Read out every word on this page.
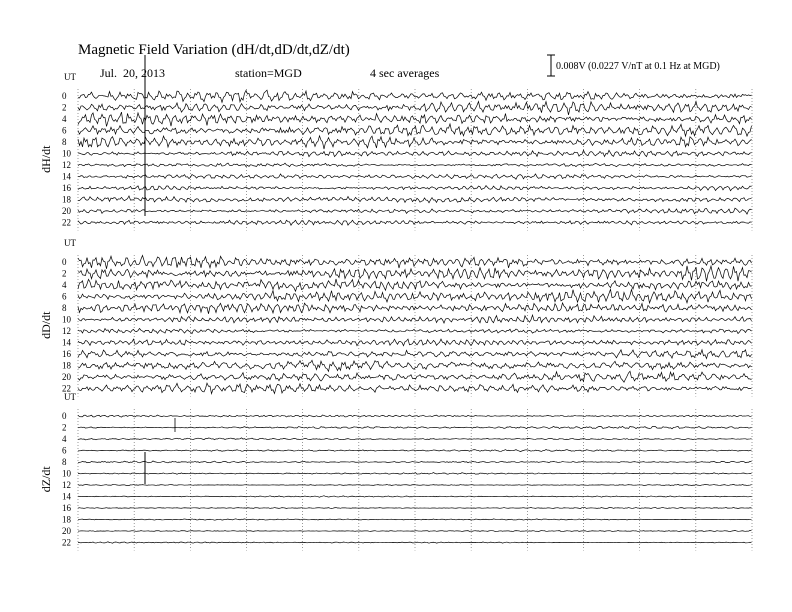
Magnetic Field Variation (dH/dt,dD/dt,dZ/dt)
Jul.  20, 2013	station=MGD	4 sec averages	0.008V (0.0227 V/nT at 0.1 Hz at MGD)
UT
dH/dt
0
2
4
6
8
10
12
14
16
18
20
22
UT
dD/dt
0
2
4
6
8
10
12
14
16
18
20
22
UT
dZ/dt
0
2
4
6
8
10
12
14
16
18
20
22
